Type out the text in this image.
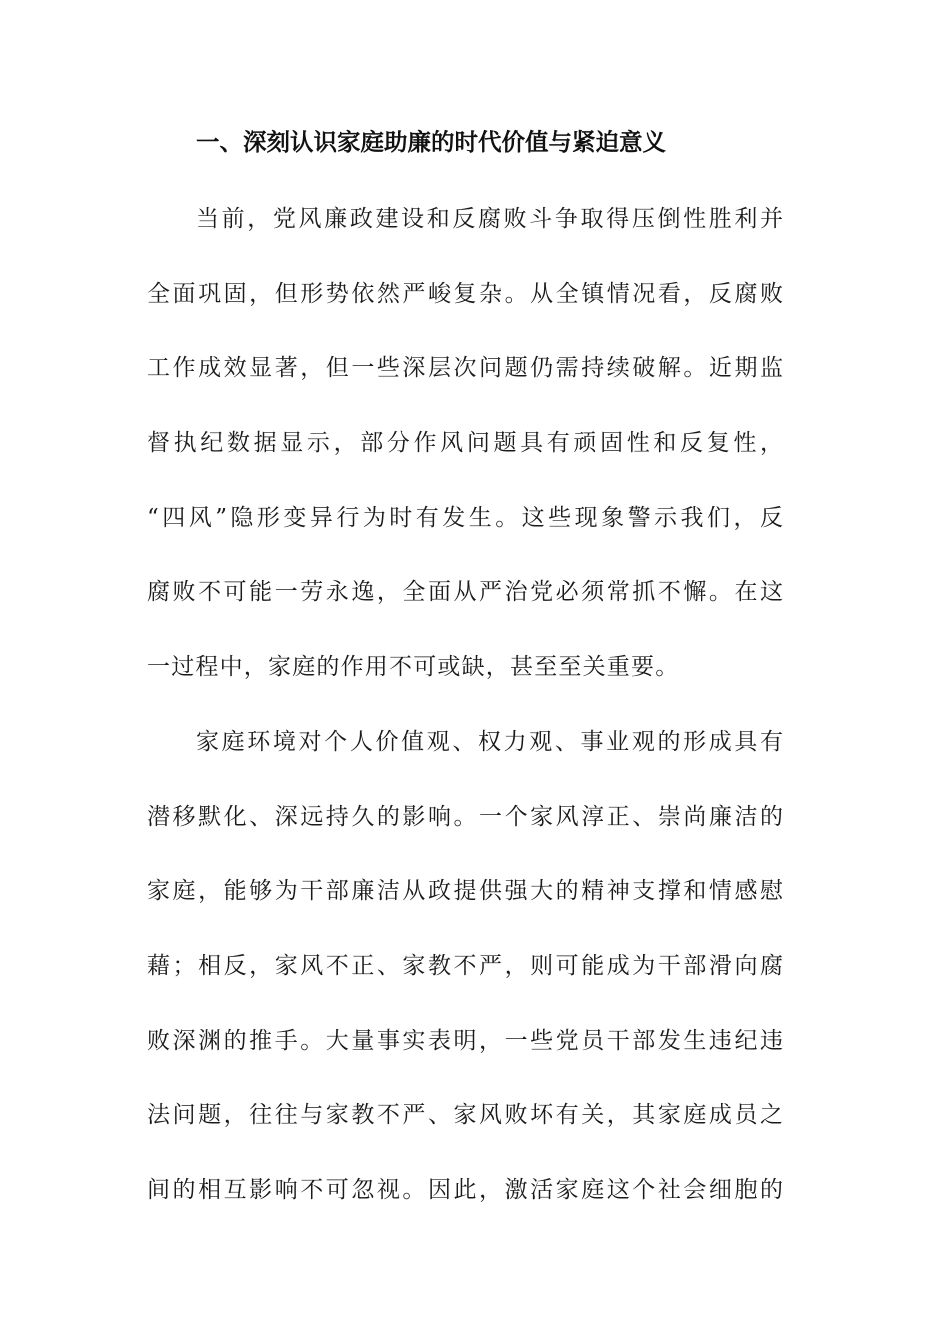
一、深刻认识家庭助廉的时代价值与紧迫意义
当前，党风廉政建设和反腐败斗争取得压倒性胜利并
全面巩固，但形势依然严峻复杂。从全镇情况看，反腐败
工作成效显著，但一些深层次问题仍需持续破解。近期监
督执纪数据显示，部分作风问题具有顽固性和反复性，
“四风”隐形变异行为时有发生。这些现象警示我们，反
腐败不可能一劳永逸，全面从严治党必须常抓不懈。在这
一过程中，家庭的作用不可或缺，甚至至关重要。
家庭环境对个人价值观、权力观、事业观的形成具有
潜移默化、深远持久的影响。一个家风淳正、崇尚廉洁的
家庭，能够为干部廉洁从政提供强大的精神支撑和情感慰
藉；相反，家风不正、家教不严，则可能成为干部滑向腐
败深渊的推手。大量事实表明，一些党员干部发生违纪违
法问题，往往与家教不严、家风败坏有关，其家庭成员之
间的相互影响不可忽视。因此，激活家庭这个社会细胞的
